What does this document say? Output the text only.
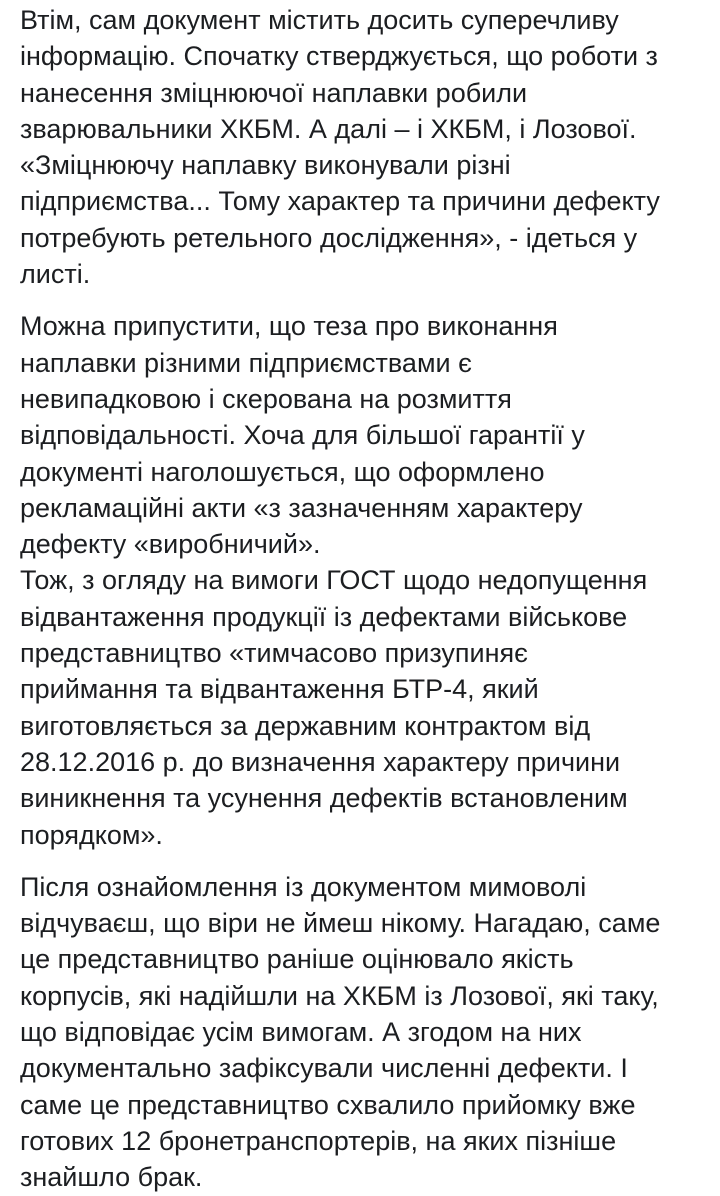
Втім, сам документ містить досить суперечливу
інформацію. Спочатку стверджується, що роботи з
нанесення зміцнюючої наплавки робили
зварювальники ХКБМ. А далі – і ХКБМ, і Лозової.
«Зміцнюючу наплавку виконували різні
підприємства... Тому характер та причини дефекту
потребують ретельного дослідження», - ідеться у
листі.

Можна припустити, що теза про виконання
наплавки різними підприємствами є
невипадковою і скерована на розмиття
відповідальності. Хоча для більшої гарантії у
документі наголошується, що оформлено
рекламаційні акти «з зазначенням характеру
дефекту «виробничий».
Тож, з огляду на вимоги ГОСТ щодо недопущення
відвантаження продукції із дефектами військове
представництво «тимчасово призупиняє
приймання та відвантаження БТР-4, який
виготовляється за державним контрактом від
28.12.2016 р. до визначення характеру причини
виникнення та усунення дефектів встановленим
порядком».

Після ознайомлення із документом мимоволі
відчуваєш, що віри не ймеш нікому. Нагадаю, саме
це представництво раніше оцінювало якість
корпусів, які надійшли на ХКБМ із Лозової, які таку,
що відповідає усім вимогам. А згодом на них
документально зафіксували численні дефекти. І
саме це представництво схвалило прийомку вже
готових 12 бронетранспортерів, на яких пізніше
знайшло брак.
